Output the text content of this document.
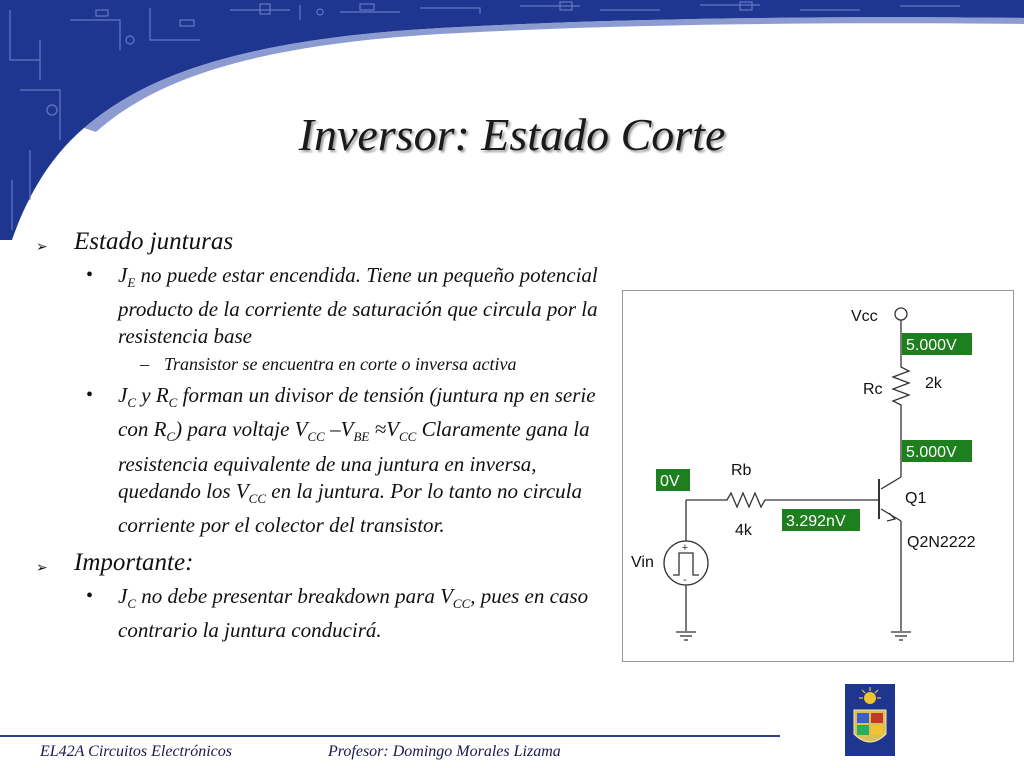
Inversor: Estado Corte
➢ Estado junturas
• $J_E$ no puede estar encendida. Tiene un pequeño potencial producto de la corriente de saturación que circula por la resistencia base
– Transistor se encuentra en corte o inversa activa
• $J_C$ y $R_C$ forman un divisor de tensión (juntura np en serie con $R_C$) para voltaje $V_{CC}$ $-V_{BE} \approx V_{CC}$ Claramente gana la resistencia equivalente de una juntura en inversa, quedando los $V_{CC}$ en la juntura. Por lo tanto no circula corriente por el colector del transistor.
➢ Importante:
• $J_C$ no debe presentar breakdown para $V_{CC}$, pues en caso contrario la juntura conducirá.
+
-
Vcc
Rc	2k
Rb
4k
Q1
Q2N2222
Vin
5.000V
5.000V
0V
3.292nV
EL42A Circuitos Electrónicos	Profesor: Domingo Morales Lizama
